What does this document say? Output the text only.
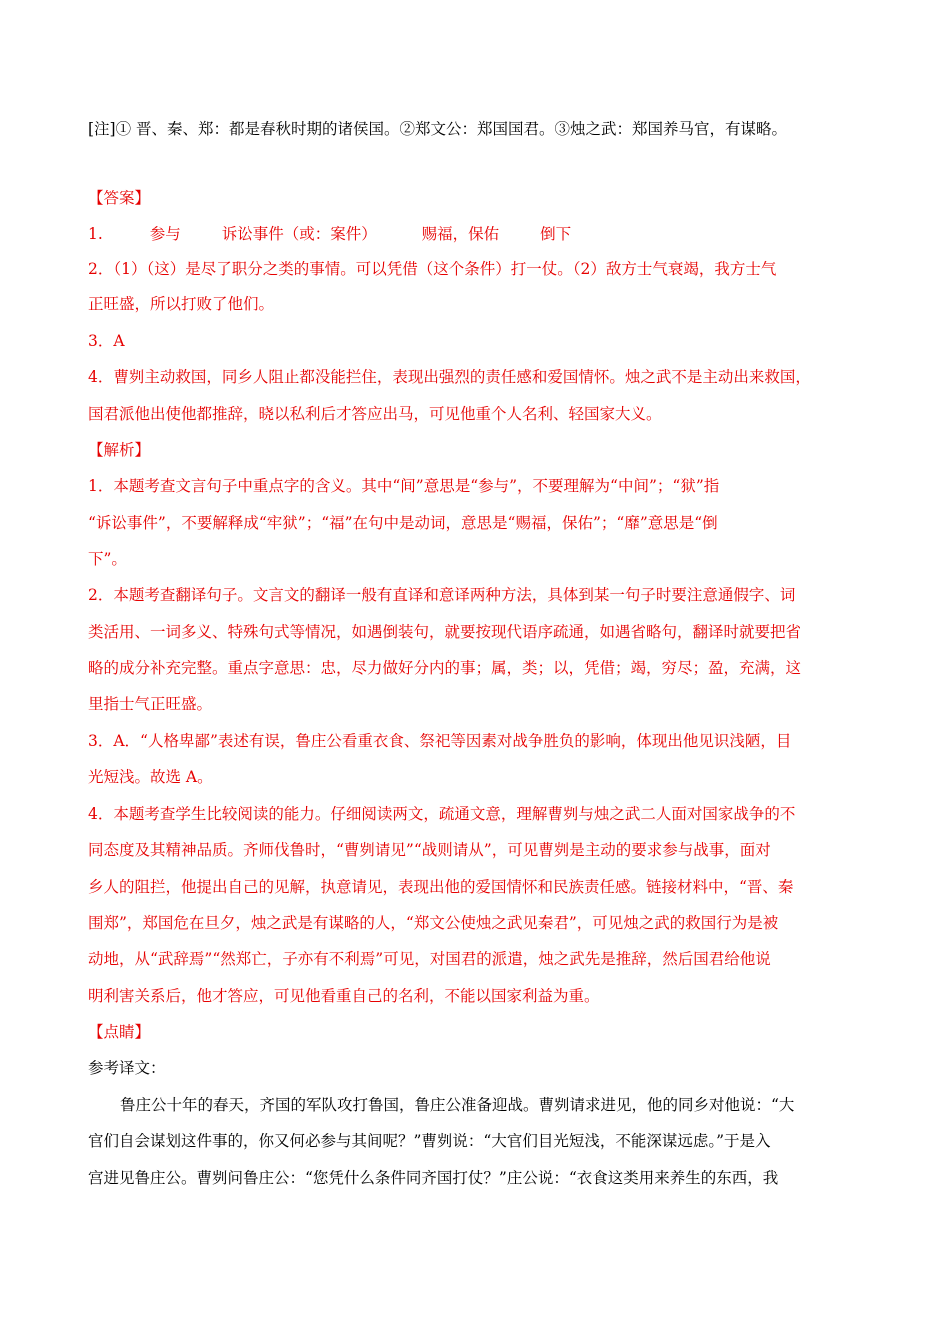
[注]① 晋、秦、郑：都是春秋时期的诸侯国。②郑文公：郑国国君。③烛之武：郑国养马官，有谋略。
【答案】
1.	参与	诉讼事件（或：案件）	赐福，保佑	倒下
2．（1）（这）是尽了职分之类的事情。可以凭借（这个条件）打一仗。（2）敌方士气衰竭，我方士气
正旺盛，所以打败了他们。
3．A
4．曹刿主动救国，同乡人阻止都没能拦住，表现出强烈的责任感和爱国情怀。烛之武不是主动出来救国，
国君派他出使他都推辞，晓以私利后才答应出马，可见他重个人名利、轻国家大义。
【解析】
1．本题考查文言句子中重点字的含义。其中“间”意思是“参与”，不要理解为“中间”；“狱”指
“诉讼事件”，不要解释成“牢狱”；“福”在句中是动词，意思是“赐福，保佑”；“靡”意思是“倒
下”。
2．本题考查翻译句子。文言文的翻译一般有直译和意译两种方法，具体到某一句子时要注意通假字、词
类活用、一词多义、特殊句式等情况，如遇倒装句，就要按现代语序疏通，如遇省略句，翻译时就要把省
略的成分补充完整。重点字意思：忠，尽力做好分内的事；属，类；以，凭借；竭，穷尽；盈，充满，这
里指士气正旺盛。
3．A．“人格卑鄙”表述有误，鲁庄公看重衣食、祭祀等因素对战争胜负的影响，体现出他见识浅陋，目
光短浅。故选 A。
4．本题考查学生比较阅读的能力。仔细阅读两文，疏通文意，理解曹刿与烛之武二人面对国家战争的不
同态度及其精神品质。齐师伐鲁时，“曹刿请见”“战则请从”，可见曹刿是主动的要求参与战事，面对
乡人的阻拦，他提出自己的见解，执意请见，表现出他的爱国情怀和民族责任感。链接材料中，“晋、秦
围郑”，郑国危在旦夕，烛之武是有谋略的人，“郑文公使烛之武见秦君”，可见烛之武的救国行为是被
动地，从“武辞焉”“然郑亡，子亦有不利焉”可见，对国君的派遣，烛之武先是推辞，然后国君给他说
明利害关系后，他才答应，可见他看重自己的名利，不能以国家利益为重。
【点睛】
参考译文：
鲁庄公十年的春天，齐国的军队攻打鲁国，鲁庄公准备迎战。曹刿请求进见，他的同乡对他说：“大
官们自会谋划这件事的，你又何必参与其间呢？”曹刿说：“大官们目光短浅，不能深谋远虑。”于是入
宫进见鲁庄公。曹刿问鲁庄公：“您凭什么条件同齐国打仗？”庄公说：“衣食这类用来养生的东西，我
